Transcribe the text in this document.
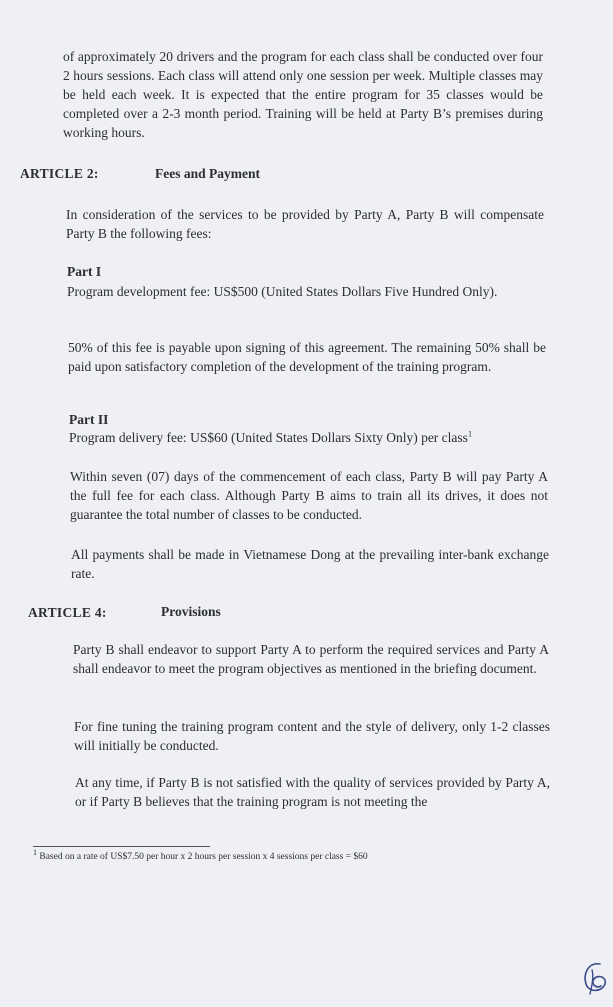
of approximately 20 drivers and the program for each class shall be conducted over four 2 hours sessions. Each class will attend only one session per week. Multiple classes may be held each week. It is expected that the entire program for 35 classes would be completed over a 2-3 month period. Training will be held at Party B’s premises during working hours.

ARTICLE 2:	Fees and Payment

In consideration of the services to be provided by Party A, Party B will compensate Party B the following fees:

Part I

Program development fee: US$500 (United States Dollars Five Hundred Only).

50% of this fee is payable upon signing of this agreement. The remaining 50% shall be paid upon satisfactory completion of the development of the training program.

Part II

Program delivery fee: US$60 (United States Dollars Sixty Only) per class$^1$

Within seven (07) days of the commencement of each class, Party B will pay Party A the full fee for each class. Although Party B aims to train all its drives, it does not guarantee the total number of classes to be conducted.

All payments shall be made in Vietnamese Dong at the prevailing inter-bank exchange rate.

ARTICLE 4:	Provisions

Party B shall endeavor to support Party A to perform the required services and Party A shall endeavor to meet the program objectives as mentioned in the briefing document.

For fine tuning the training program content and the style of delivery, only 1-2 classes will initially be conducted.

At any time, if Party B is not satisfied with the quality of services provided by Party A, or if Party B believes that the training program is not meeting the

$^1$ Based on a rate of US$7.50 per hour x 2 hours per session x 4 sessions per class = $60
